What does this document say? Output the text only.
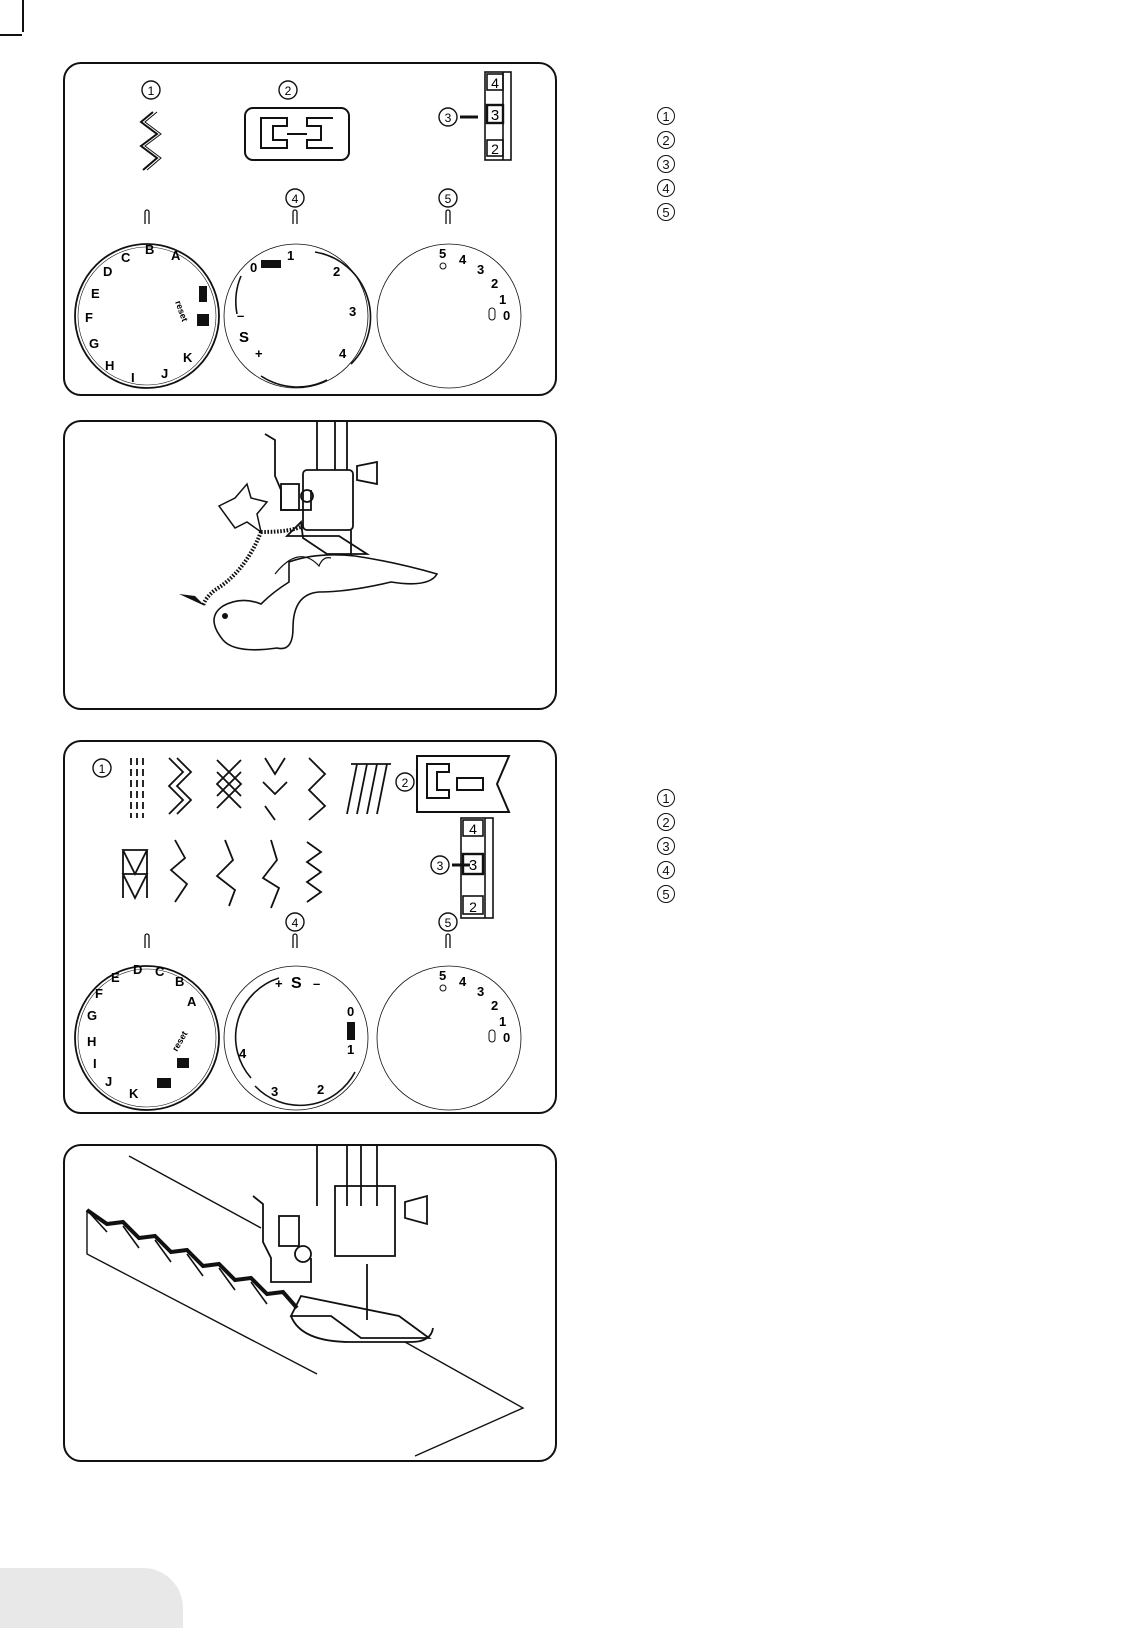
1	2
3
4	5
4
3
2
A
B
C
D
E
F
G
H
I J
K
reset
0
1
2
3
4
+
S
–
5 4
3
2
1
0
1
2
3
4	5
4
3
2
A
B
C
D
E
F
G
H
I
J
K
reset
+ S –
0
1
2
3
4
5 4
3
2
1
0
1
2
3
4
5
1
2
3
4
5
